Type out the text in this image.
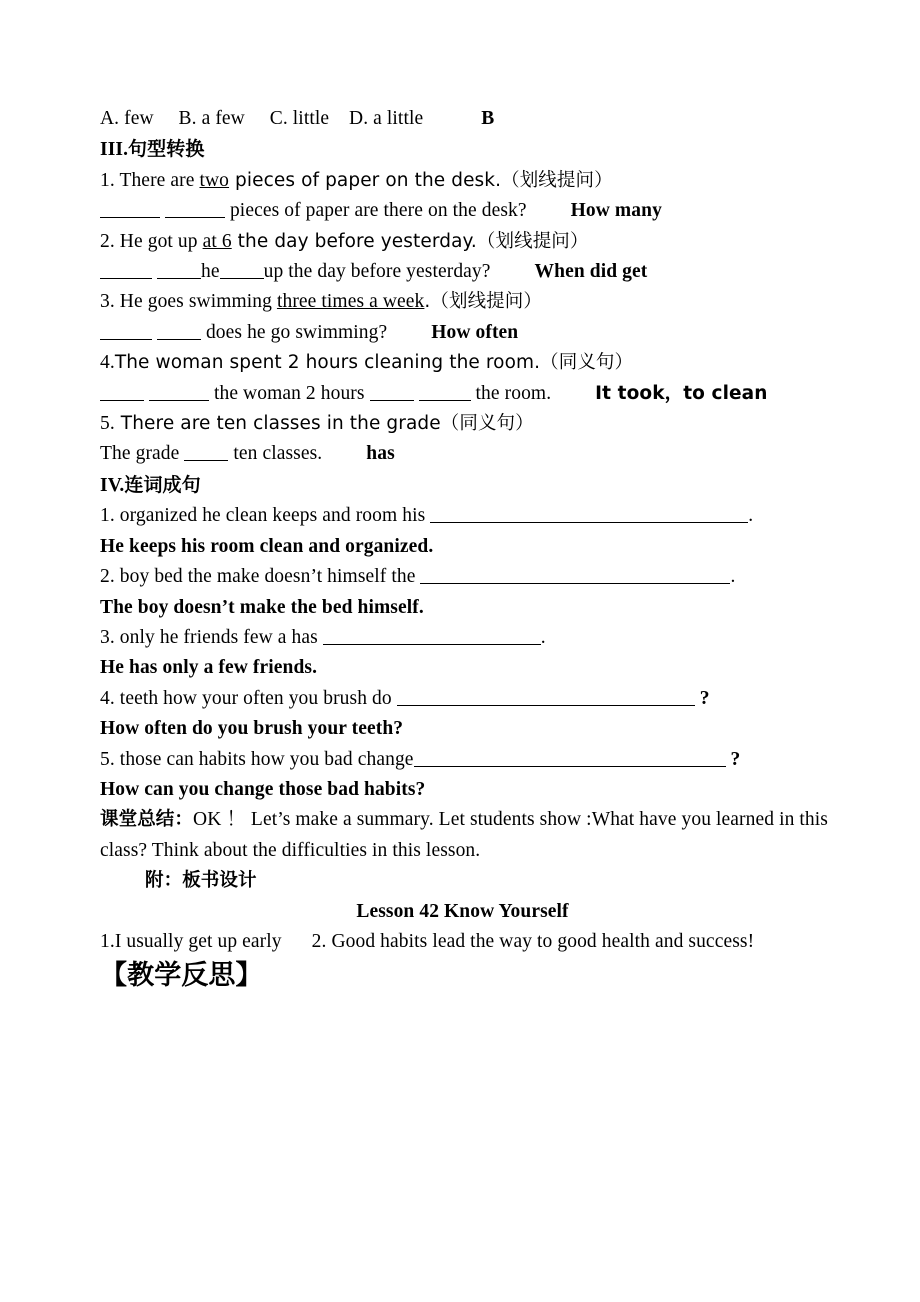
A. few     B. a few     C. little    D. a little	B
III.句型转换
1. There are two pieces of paper on the desk.（划线提问）
pieces of paper are there on the desk? How many
2. He got up at 6 the day before yesterday.（划线提问）
he up the day before yesterday? When did get
3. He goes swimming three times a week.（划线提问）
does he go swimming? How often
4.The woman spent 2 hours cleaning the room.（同义句）
the woman 2 hours	the room. It took，to clean
5. There are ten classes in the grade（同义句）
The grade  ten classes. has
IV.连词成句
1. organized he clean keeps and room his	.
He keeps his room clean and organized.
2. boy bed the make doesn’t himself the	.
The boy doesn’t make the bed himself.
3. only he friends few a has	.
He has only a few friends.
4. teeth how your often you brush do	?
How often do you brush your teeth?
5. those can habits how you bad change	?
How can you change those bad habits?
课堂总结：OK ！ Let’s make a summary. Let students show :What have you learned in this class? Think about the difficulties in this lesson.
附：板书设计
Lesson 42 Know Yourself
1.I usually get up early 2. Good habits lead the way to good health and success!
【教学反思】
